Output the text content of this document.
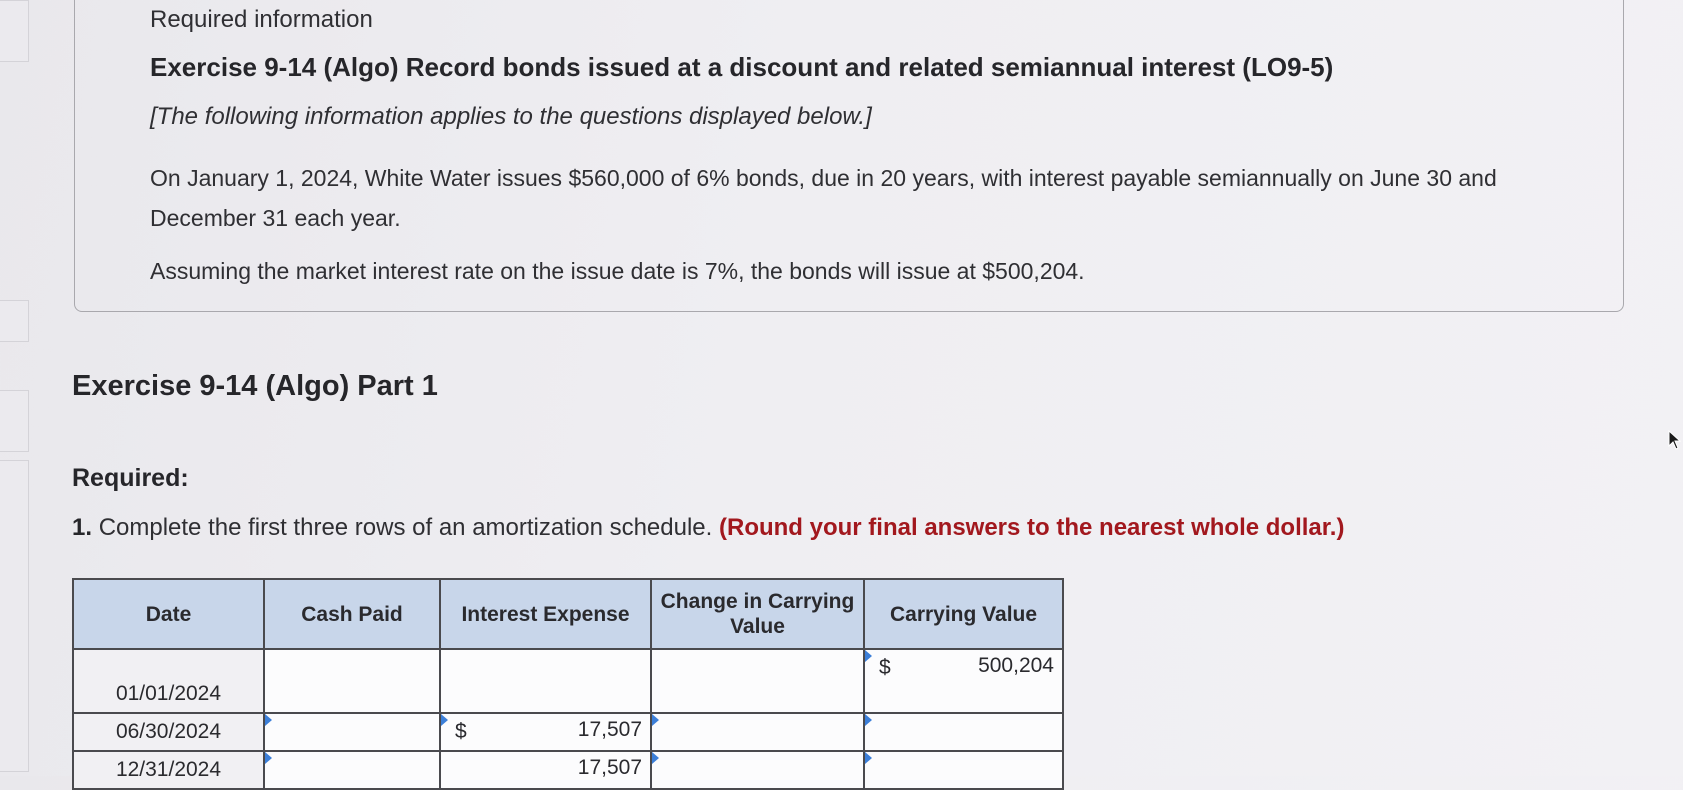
Required information
Exercise 9-14 (Algo) Record bonds issued at a discount and related semiannual interest (LO9-5)
[The following information applies to the questions displayed below.]
On January 1, 2024, White Water issues $560,000 of 6% bonds, due in 20 years, with interest payable semiannually on June 30 and December 31 each year.
Assuming the market interest rate on the issue date is 7%, the bonds will issue at $500,204.
Exercise 9-14 (Algo) Part 1
Required:
1. Complete the first three rows of an amortization schedule. (Round your final answers to the nearest whole dollar.)
Date	Cash Paid	Interest Expense	Change in Carrying Value	Carrying Value
01/01/2024				$ 500,204

06/30/2024		$ 17,507		

12/31/2024		17,507		
